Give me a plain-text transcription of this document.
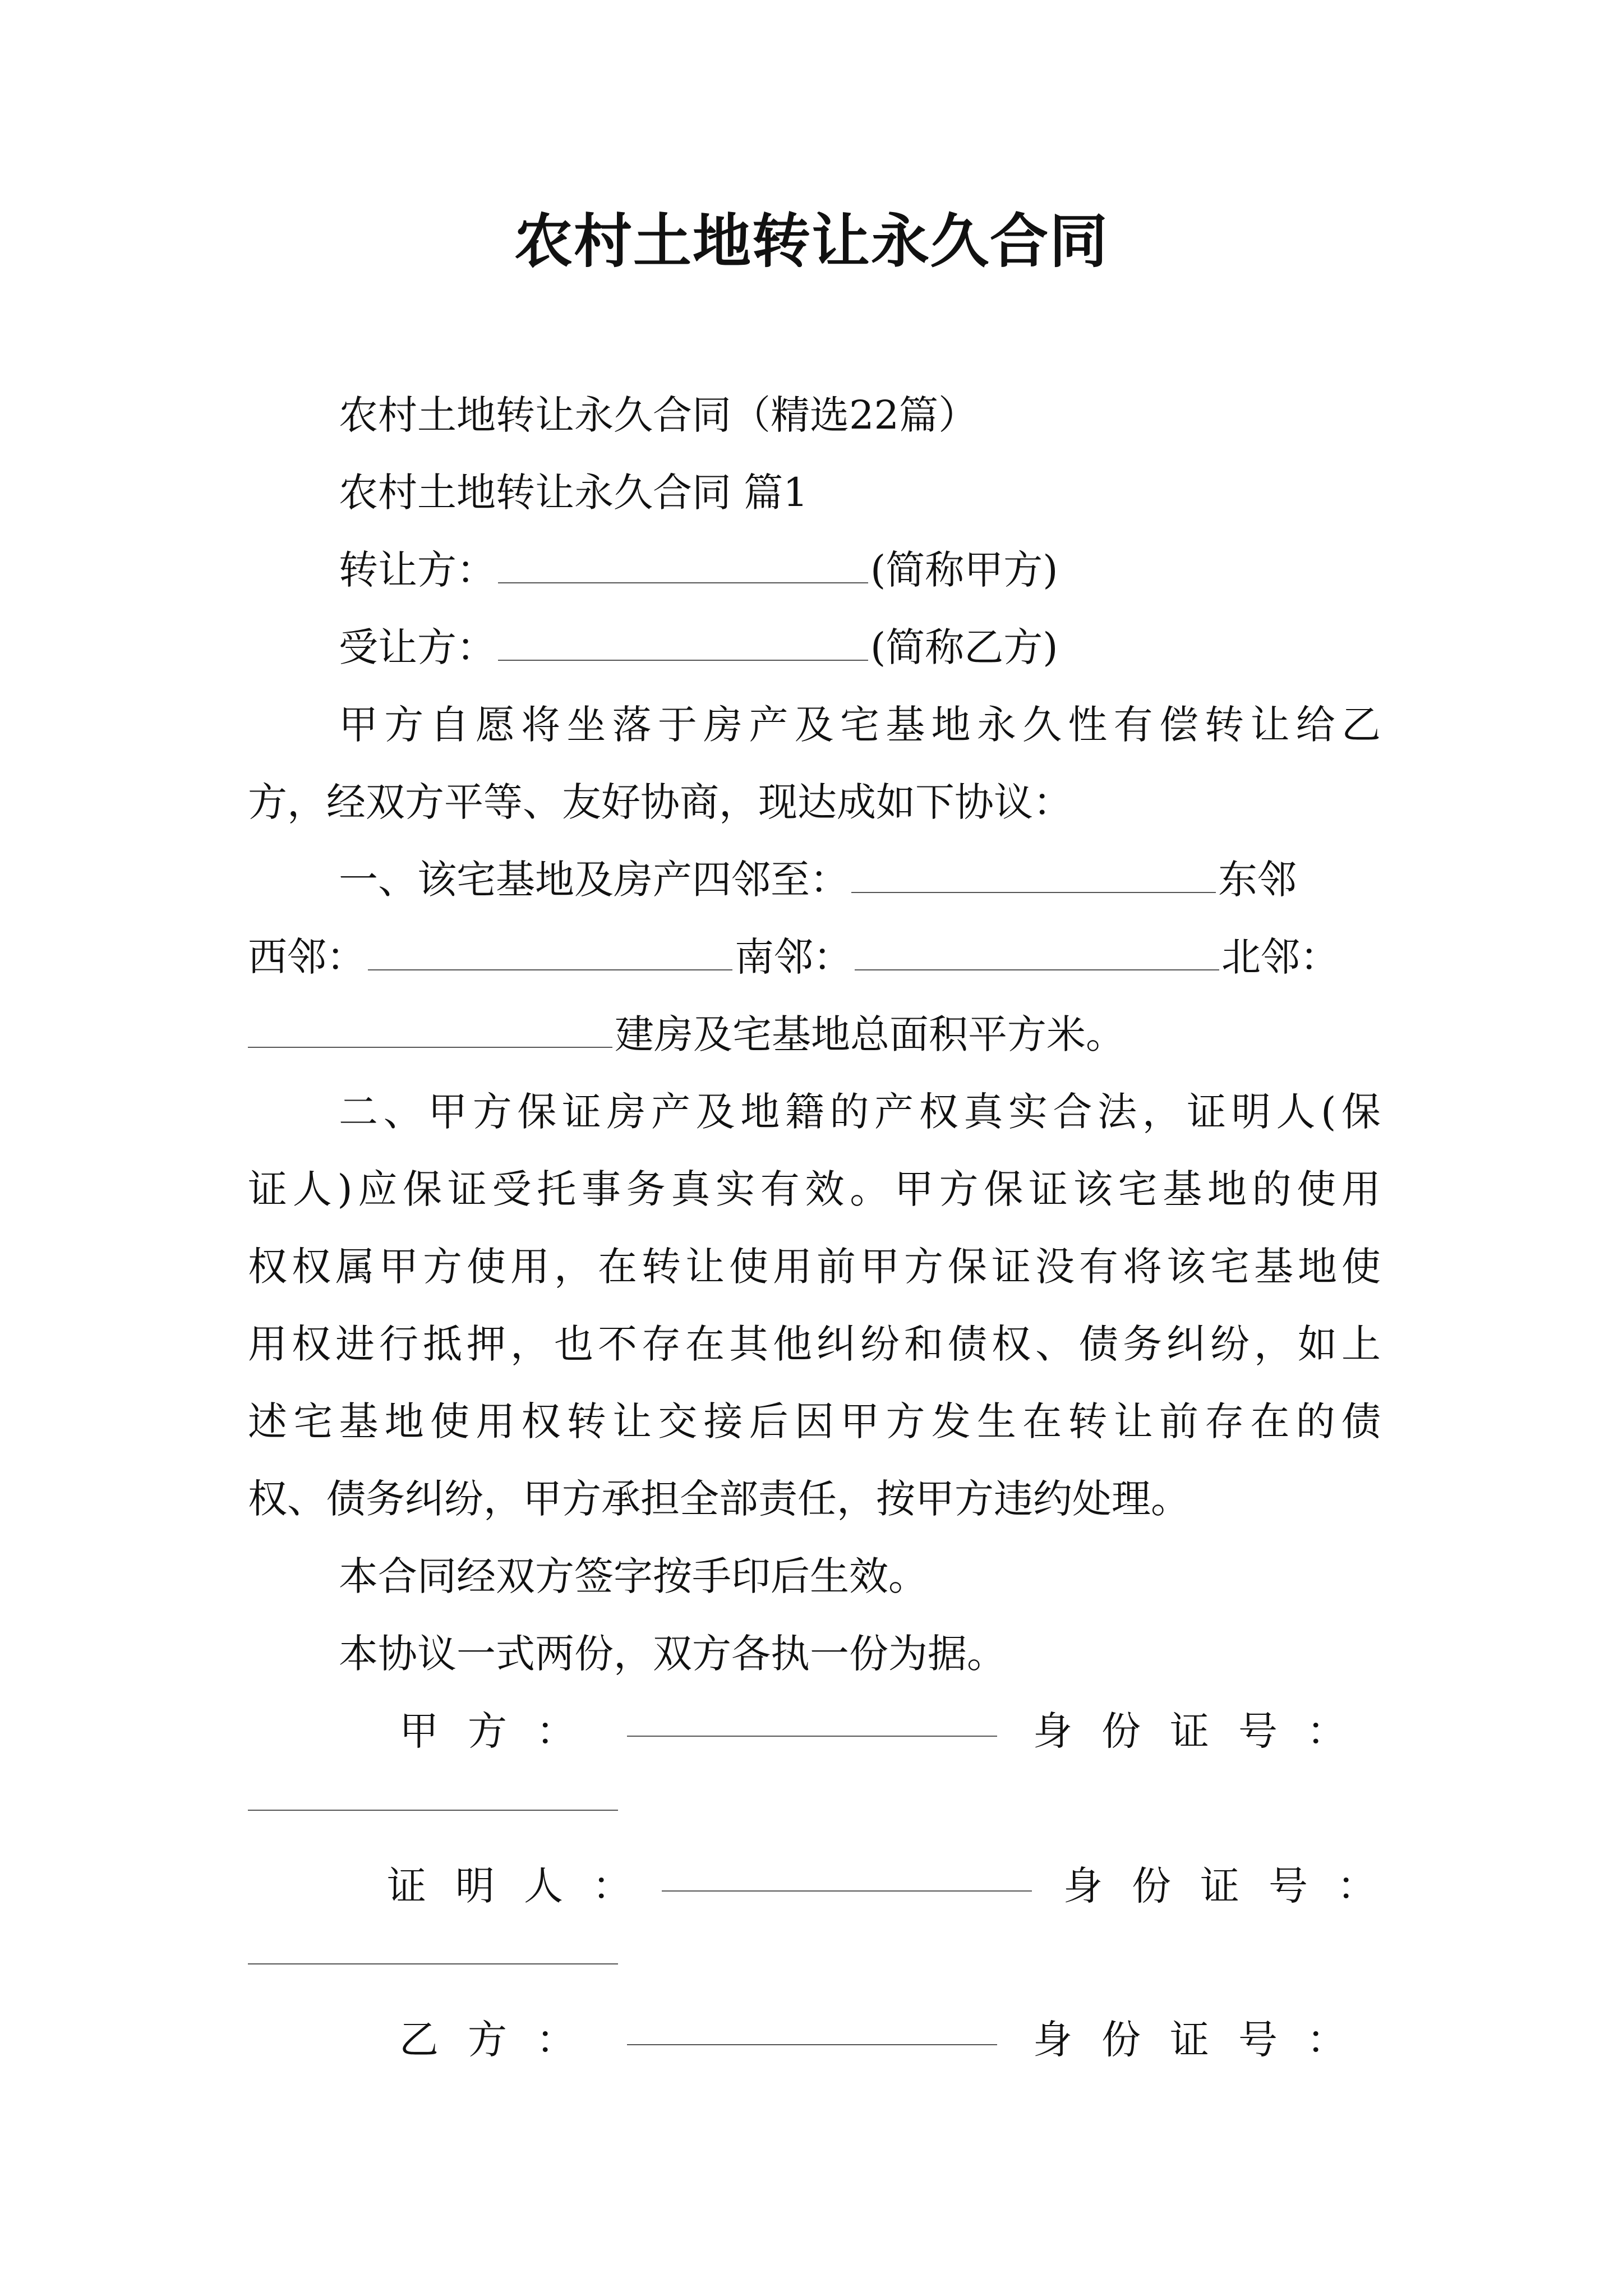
农村土地转让永久合同
农村土地转让永久合同（精选22篇）
农村土地转让永久合同 篇1
转让方：	(简称甲方)
受让方：	(简称乙方)
甲方自愿将坐落于房产及宅基地永久性有偿转让给乙
方，经双方平等、友好协商，现达成如下协议：
一、该宅基地及房产四邻至：	东邻
西邻：	南邻：	北邻：
建房及宅基地总面积平方米。
二、甲方保证房产及地籍的产权真实合法，证明人(保
证人)应保证受托事务真实有效。甲方保证该宅基地的使用
权权属甲方使用，在转让使用前甲方保证没有将该宅基地使
用权进行抵押，也不存在其他纠纷和债权、债务纠纷，如上
述宅基地使用权转让交接后因甲方发生在转让前存在的债
权、债务纠纷，甲方承担全部责任，按甲方违约处理。
本合同经双方签字按手印后生效。
本协议一式两份，双方各执一份为据。
甲方：	身份证号：
证明人：	身份证号：
乙方：	身份证号：
